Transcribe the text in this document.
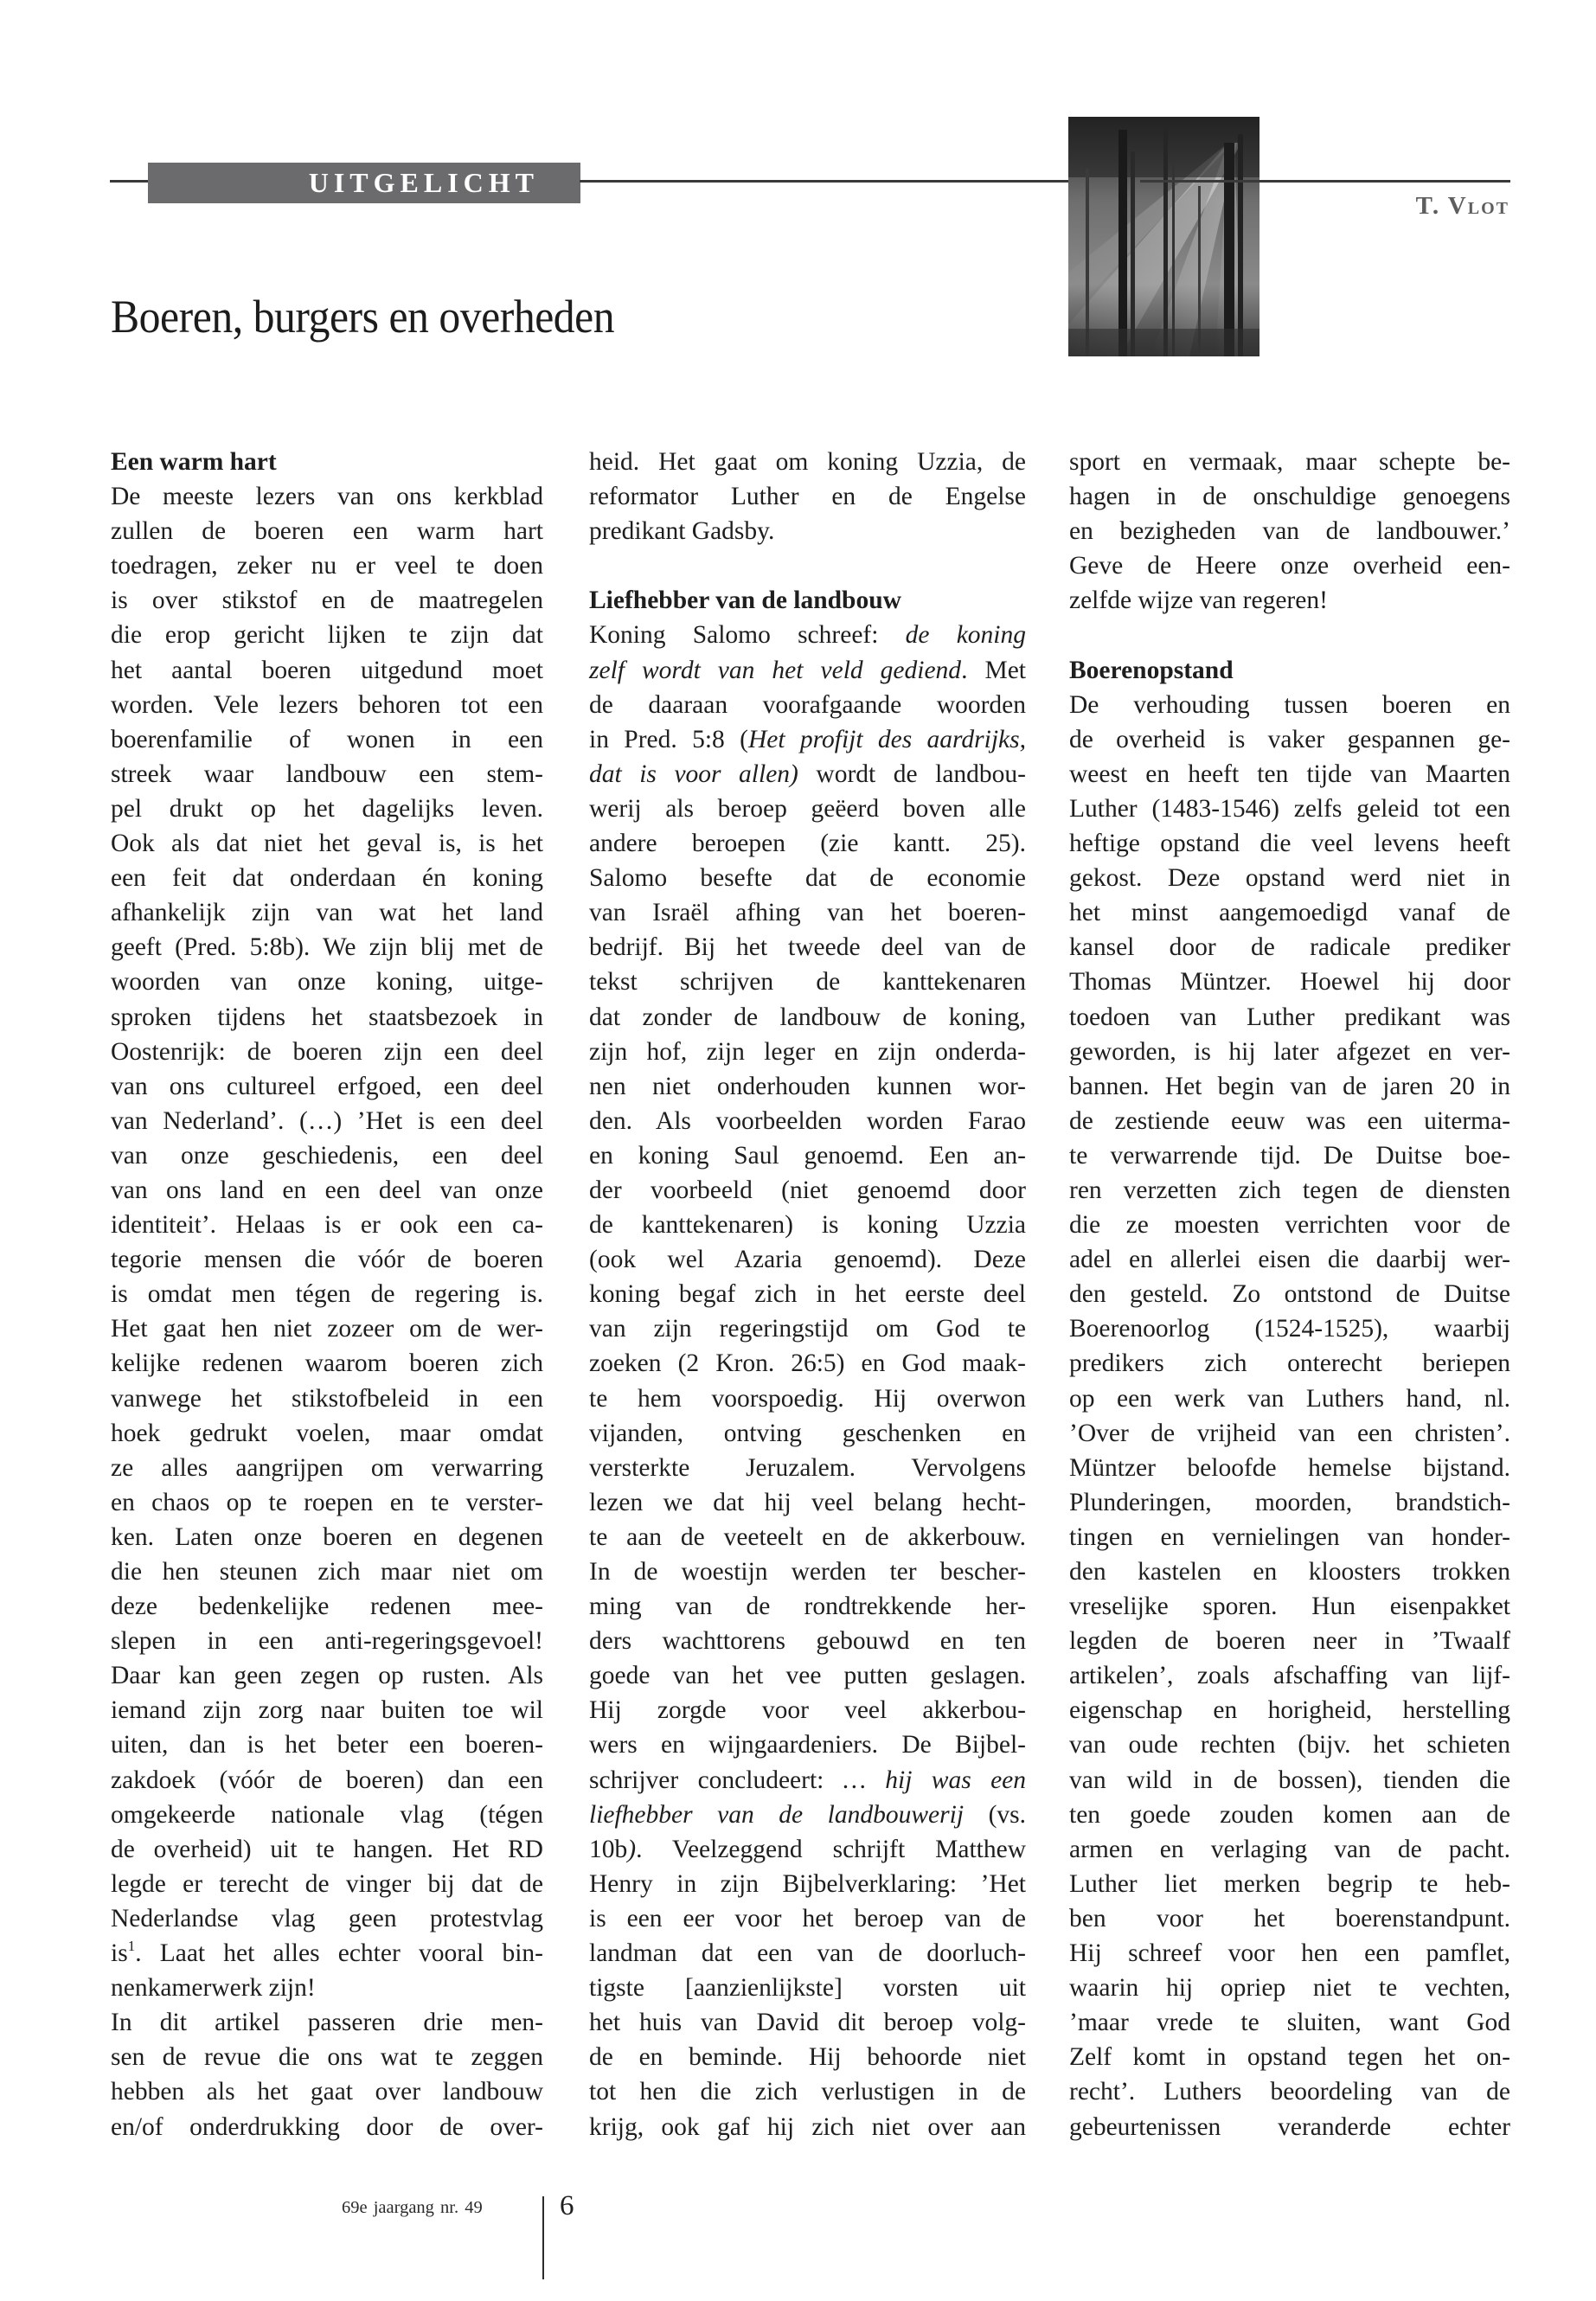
UITGELICHT
T. Vlot
Boeren, burgers en overheden
Een warm hart
De meeste lezers van ons kerkblad
zullen de boeren een warm hart
toedragen, zeker nu er veel te doen
is over stikstof en de maatregelen
die erop gericht lijken te zijn dat
het aantal boeren uitgedund moet
worden. Vele lezers behoren tot een
boerenfamilie of wonen in een
streek waar landbouw een stem-
pel drukt op het dagelijks leven.
Ook als dat niet het geval is, is het
een feit dat onderdaan én koning
afhankelijk zijn van wat het land
geeft (Pred. 5:8b). We zijn blij met de
woorden van onze koning, uitge-
sproken tijdens het staatsbezoek in
Oostenrijk: de boeren zijn een deel
van ons cultureel erfgoed, een deel
van Nederland’. (…) ’Het is een deel
van onze geschiedenis, een deel
van ons land en een deel van onze
identiteit’. Helaas is er ook een ca-
tegorie mensen die vóór de boeren
is omdat men tégen de regering is.
Het gaat hen niet zozeer om de wer-
kelijke redenen waarom boeren zich
vanwege het stikstofbeleid in een
hoek gedrukt voelen, maar omdat
ze alles aangrijpen om verwarring
en chaos op te roepen en te verster-
ken. Laten onze boeren en degenen
die hen steunen zich maar niet om
deze bedenkelijke redenen mee-
slepen in een anti-regeringsgevoel!
Daar kan geen zegen op rusten. Als
iemand zijn zorg naar buiten toe wil
uiten, dan is het beter een boeren-
zakdoek (vóór de boeren) dan een
omgekeerde nationale vlag (tégen
de overheid) uit te hangen. Het RD
legde er terecht de vinger bij dat de
Nederlandse vlag geen protestvlag
$is^1$. Laat het alles echter vooral bin-
nenkamerwerk zijn!
In dit artikel passeren drie men-
sen de revue die ons wat te zeggen
hebben als het gaat over landbouw
en/of onderdrukking door de over-
heid. Het gaat om koning Uzzia, de
reformator Luther en de Engelse
predikant Gadsby.
Liefhebber van de landbouw
Koning Salomo schreef: de koning
zelf wordt van het veld gediend. Met
de daaraan voorafgaande woorden
in Pred. 5:8 (Het profijt des aardrijks,
dat is voor allen) wordt de landbou-
werij als beroep geëerd boven alle
andere beroepen (zie kantt. 25).
Salomo besefte dat de economie
van Israël afhing van het boeren-
bedrijf. Bij het tweede deel van de
tekst schrijven de kanttekenaren
dat zonder de landbouw de koning,
zijn hof, zijn leger en zijn onderda-
nen niet onderhouden kunnen wor-
den. Als voorbeelden worden Farao
en koning Saul genoemd. Een an-
der voorbeeld (niet genoemd door
de kanttekenaren) is koning Uzzia
(ook wel Azaria genoemd). Deze
koning begaf zich in het eerste deel
van zijn regeringstijd om God te
zoeken (2 Kron. 26:5) en God maak-
te hem voorspoedig. Hij overwon
vijanden, ontving geschenken en
versterkte Jeruzalem. Vervolgens
lezen we dat hij veel belang hecht-
te aan de veeteelt en de akkerbouw.
In de woestijn werden ter bescher-
ming van de rondtrekkende her-
ders wachttorens gebouwd en ten
goede van het vee putten geslagen.
Hij zorgde voor veel akkerbou-
wers en wijngaardeniers. De Bijbel-
schrijver concludeert: … hij was een
liefhebber van de landbouwerij (vs.
10b). Veelzeggend schrijft Matthew
Henry in zijn Bijbelverklaring: ’Het
is een eer voor het beroep van de
landman dat een van de doorluch-
tigste [aanzienlijkste] vorsten uit
het huis van David dit beroep volg-
de en beminde. Hij behoorde niet
tot hen die zich verlustigen in de
krijg, ook gaf hij zich niet over aan
sport en vermaak, maar schepte be-
hagen in de onschuldige genoegens
en bezigheden van de landbouwer.’
Geve de Heere onze overheid een-
zelfde wijze van regeren!
Boerenopstand
De verhouding tussen boeren en
de overheid is vaker gespannen ge-
weest en heeft ten tijde van Maarten
Luther (1483-1546) zelfs geleid tot een
heftige opstand die veel levens heeft
gekost. Deze opstand werd niet in
het minst aangemoedigd vanaf de
kansel door de radicale prediker
Thomas Müntzer. Hoewel hij door
toedoen van Luther predikant was
geworden, is hij later afgezet en ver-
bannen. Het begin van de jaren 20 in
de zestiende eeuw was een uiterma-
te verwarrende tijd. De Duitse boe-
ren verzetten zich tegen de diensten
die ze moesten verrichten voor de
adel en allerlei eisen die daarbij wer-
den gesteld. Zo ontstond de Duitse
Boerenoorlog (1524-1525), waarbij
predikers zich onterecht beriepen
op een werk van Luthers hand, nl.
’Over de vrijheid van een christen’.
Müntzer beloofde hemelse bijstand.
Plunderingen, moorden, brandstich-
tingen en vernielingen van honder-
den kastelen en kloosters trokken
vreselijke sporen. Hun eisenpakket
legden de boeren neer in ’Twaalf
artikelen’, zoals afschaffing van lijf-
eigenschap en horigheid, herstelling
van oude rechten (bijv. het schieten
van wild in de bossen), tienden die
ten goede zouden komen aan de
armen en verlaging van de pacht.
Luther liet merken begrip te heb-
ben voor het boerenstandpunt.
Hij schreef voor hen een pamflet,
waarin hij opriep niet te vechten,
’maar vrede te sluiten, want God
Zelf komt in opstand tegen het on-
recht’. Luthers beoordeling van de
gebeurtenissen veranderde echter
69e jaargang nr. 49	6
